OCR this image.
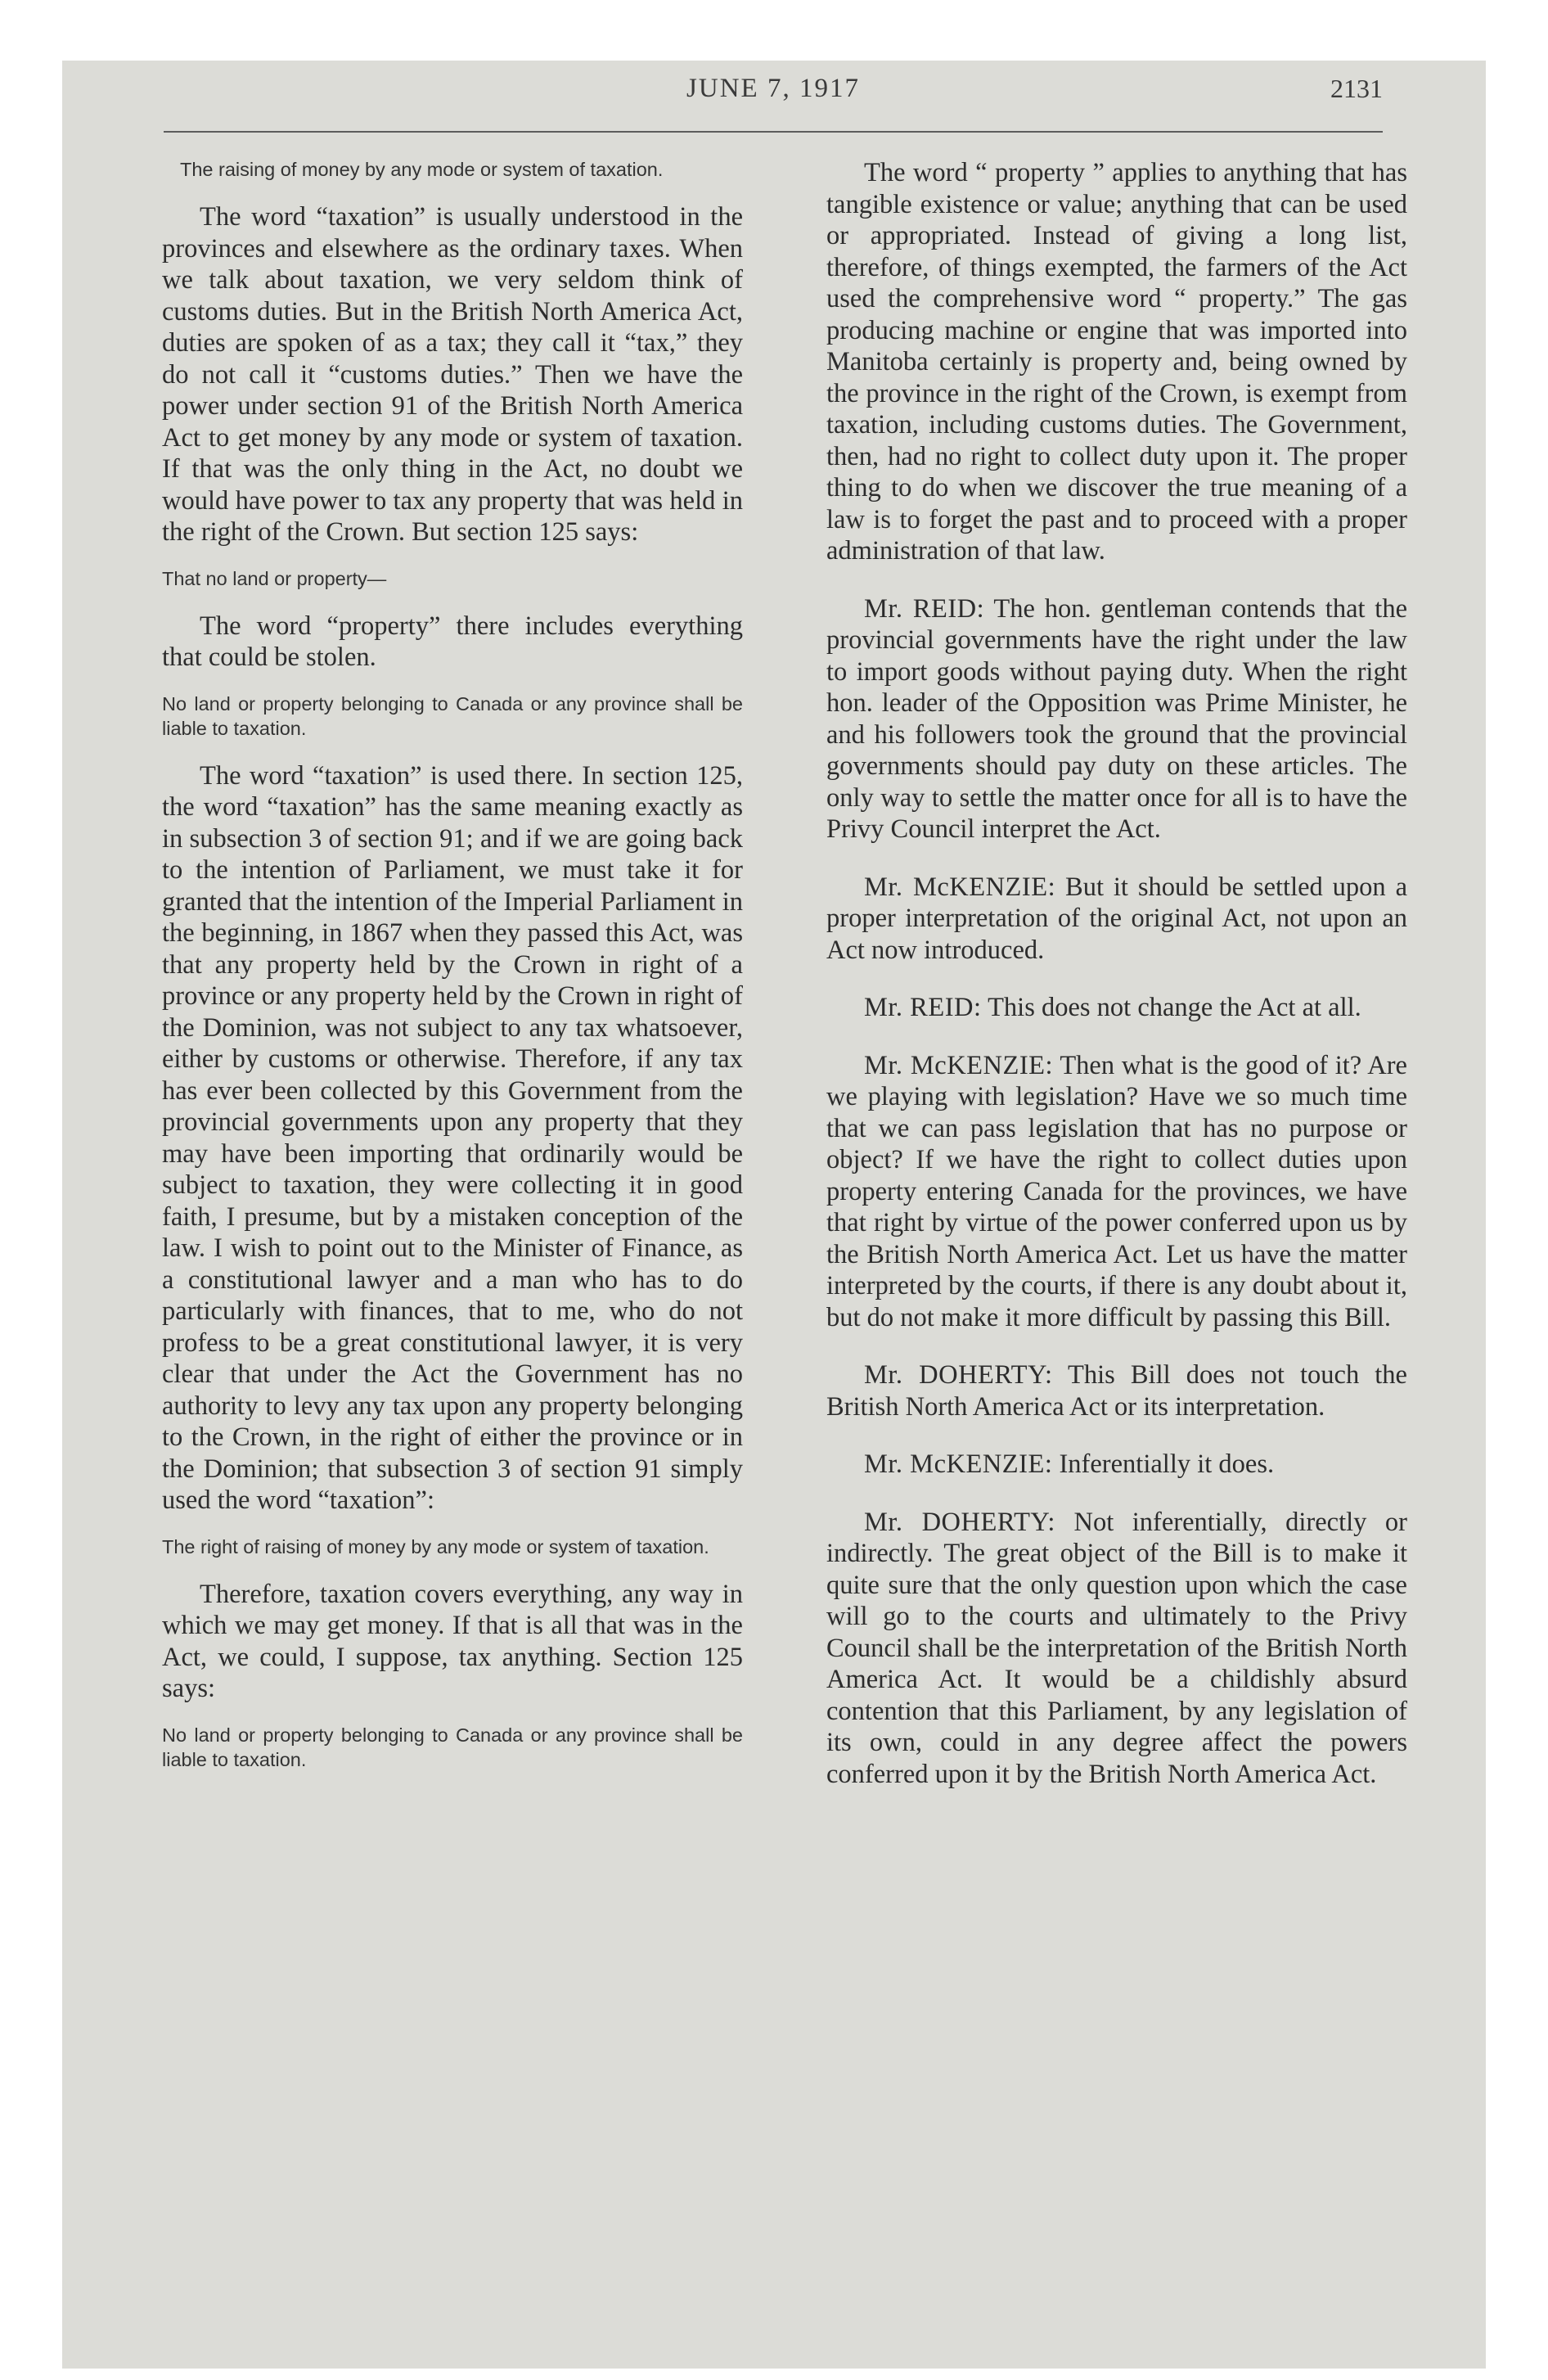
JUNE 7, 1917	2131

The raising of money by any mode or system of taxation.

The word “taxation” is usually understood in the provinces and elsewhere as the ordinary taxes. When we talk about taxation, we very seldom think of customs duties. But in the British North America Act, duties are spoken of as a tax; they call it “tax,” they do not call it “customs duties.” Then we have the power under section 91 of the British North America Act to get money by any mode or system of taxation. If that was the only thing in the Act, no doubt we would have power to tax any property that was held in the right of the Crown. But section 125 says:

That no land or property—

The word “property” there includes everything that could be stolen.

No land or property belonging to Canada or any province shall be liable to taxation.

The word “taxation” is used there. In section 125, the word “taxation” has the same meaning exactly as in subsection 3 of section 91; and if we are going back to the intention of Parliament, we must take it for granted that the intention of the Imperial Parliament in the beginning, in 1867 when they passed this Act, was that any property held by the Crown in right of a province or any property held by the Crown in right of the Dominion, was not subject to any tax whatsoever, either by customs or otherwise. Therefore, if any tax has ever been collected by this Government from the provincial governments upon any property that they may have been importing that ordinarily would be subject to taxation, they were collecting it in good faith, I presume, but by a mistaken conception of the law. I wish to point out to the Minister of Finance, as a constitutional lawyer and a man who has to do particularly with finances, that to me, who do not profess to be a great constitutional lawyer, it is very clear that under the Act the Government has no authority to levy any tax upon any property belonging to the Crown, in the right of either the province or in the Dominion; that subsection 3 of section 91 simply used the word “taxation”:

The right of raising of money by any mode or system of taxation.

Therefore, taxation covers everything, any way in which we may get money. If that is all that was in the Act, we could, I suppose, tax anything. Section 125 says:

No land or property belonging to Canada or any province shall be liable to taxation.

The word “ property ” applies to anything that has tangible existence or value; anything that can be used or appropriated. Instead of giving a long list, therefore, of things exempted, the farmers of the Act used the comprehensive word “ property.” The gas producing machine or engine that was imported into Manitoba certainly is property and, being owned by the province in the right of the Crown, is exempt from taxation, including customs duties. The Government, then, had no right to collect duty upon it. The proper thing to do when we discover the true meaning of a law is to forget the past and to proceed with a proper administration of that law.

Mr. REID: The hon. gentleman contends that the provincial governments have the right under the law to import goods without paying duty. When the right hon. leader of the Opposition was Prime Minister, he and his followers took the ground that the provincial governments should pay duty on these articles. The only way to settle the matter once for all is to have the Privy Council interpret the Act.

Mr. McKENZIE: But it should be settled upon a proper interpretation of the original Act, not upon an Act now introduced.

Mr. REID: This does not change the Act at all.

Mr. McKENZIE: Then what is the good of it? Are we playing with legislation? Have we so much time that we can pass legislation that has no purpose or object? If we have the right to collect duties upon property entering Canada for the provinces, we have that right by virtue of the power conferred upon us by the British North America Act. Let us have the matter interpreted by the courts, if there is any doubt about it, but do not make it more difficult by passing this Bill.

Mr. DOHERTY: This Bill does not touch the British North America Act or its interpretation.

Mr. McKENZIE: Inferentially it does.

Mr. DOHERTY: Not inferentially, directly or indirectly. The great object of the Bill is to make it quite sure that the only question upon which the case will go to the courts and ultimately to the Privy Council shall be the interpretation of the British North America Act. It would be a childishly absurd contention that this Parliament, by any legislation of its own, could in any degree affect the powers conferred upon it by the British North America Act.
